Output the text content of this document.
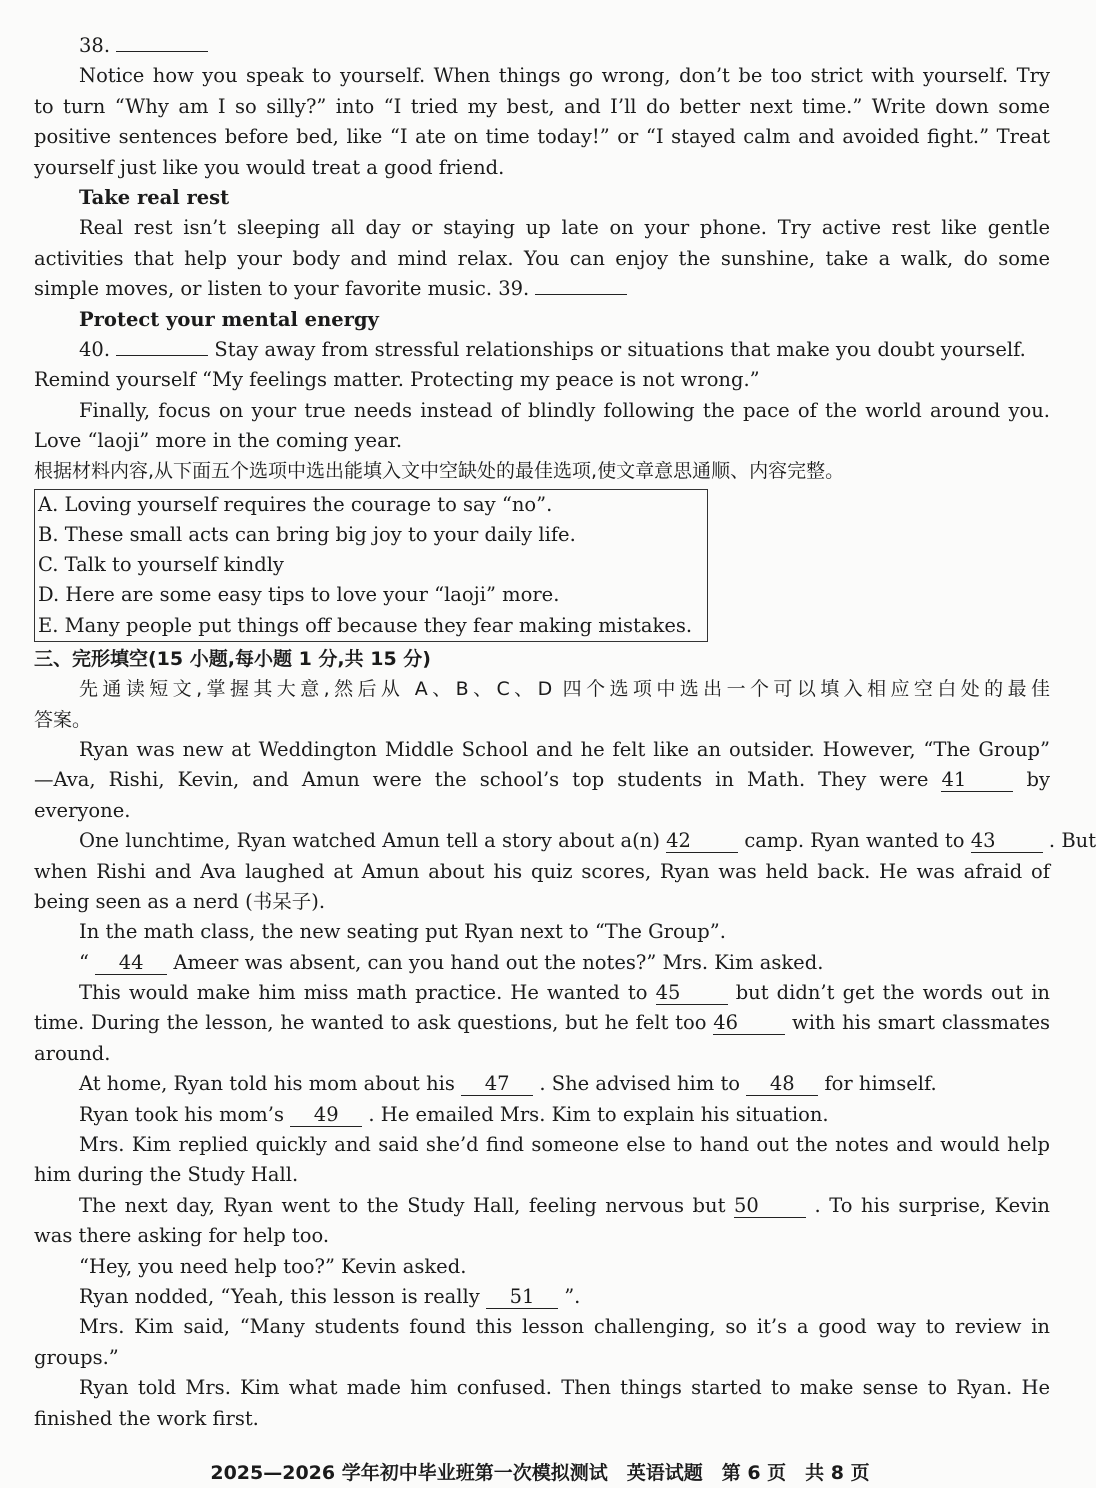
38.
Notice how you speak to yourself. When things go wrong, don’t be too strict with yourself. Try
to turn “Why am I so silly?” into “I tried my best, and I’ll do better next time.” Write down some
positive sentences before bed, like “I ate on time today!” or “I stayed calm and avoided fight.” Treat
yourself just like you would treat a good friend.
Take real rest
Real rest isn’t sleeping all day or staying up late on your phone. Try active rest like gentle
activities that help your body and mind relax. You can enjoy the sunshine, take a walk, do some
simple moves, or listen to your favorite music. 39.
Protect your mental energy
40.	Stay away from stressful relationships or situations that make you doubt yourself.
Remind yourself “My feelings matter. Protecting my peace is not wrong.”
Finally, focus on your true needs instead of blindly following the pace of the world around you.
Love “laoji” more in the coming year.
根据材料内容,从下面五个选项中选出能填入文中空缺处的最佳选项,使文章意思通顺、内容完整。
A. Loving yourself requires the courage to say “no”.
B. These small acts can bring big joy to your daily life.
C. Talk to yourself kindly
D. Here are some easy tips to love your “laoji” more.
E. Many people put things off because they fear making mistakes.
三、完形填空(15 小题,每小题 1 分,共 15 分)
先通读短文,掌握其大意,然后从 A、B、C、D 四个选项中选出一个可以填入相应空白处的最佳
答案。
Ryan was new at Weddington Middle School and he felt like an outsider. However, “The Group”
—Ava, Rishi, Kevin, and Amun were the school’s top students in Math. They were 41	by
everyone.
One lunchtime, Ryan watched Amun tell a story about a(n) 42	camp. Ryan wanted to 43	. But
when Rishi and Ava laughed at Amun about his quiz scores, Ryan was held back. He was afraid of
being seen as a nerd (书呆子).
In the math class, the new seating put Ryan next to “The Group”.
“ 44 Ameer was absent, can you hand out the notes?” Mrs. Kim asked.
This would make him miss math practice. He wanted to 45	but didn’t get the words out in
time. During the lesson, he wanted to ask questions, but he felt too 46	with his smart classmates
around.
At home, Ryan told his mom about his 47 . She advised him to 48 for himself.
Ryan took his mom’s 49 . He emailed Mrs. Kim to explain his situation.
Mrs. Kim replied quickly and said she’d find someone else to hand out the notes and would help
him during the Study Hall.
The next day, Ryan went to the Study Hall, feeling nervous but 50	. To his surprise, Kevin
was there asking for help too.
“Hey, you need help too?” Kevin asked.
Ryan nodded, “Yeah, this lesson is really 51 ”.
Mrs. Kim said, “Many students found this lesson challenging, so it’s a good way to review in
groups.”
Ryan told Mrs. Kim what made him confused. Then things started to make sense to Ryan. He
finished the work first.
2025—2026 学年初中毕业班第一次模拟测试　英语试题　第 6 页　共 8 页
